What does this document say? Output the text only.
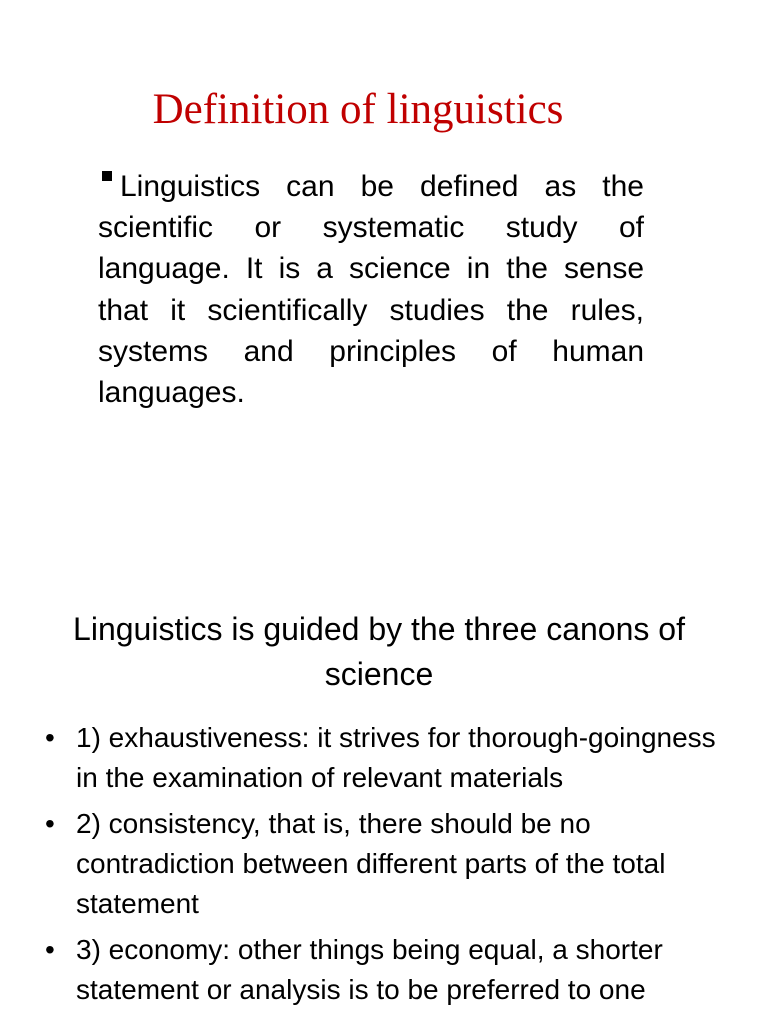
Definition of linguistics
Linguistics can be defined as the scientific or systematic study of language. It is a science in the sense that it scientifically studies the rules, systems and principles of human languages.
Linguistics is guided by the three canons of science
• 1) exhaustiveness: it strives for thorough-goingness in the examination of relevant materials
• 2) consistency, that is, there should be no contradiction between different parts of the total statement
• 3) economy: other things being equal, a shorter statement or analysis is to be preferred to one
